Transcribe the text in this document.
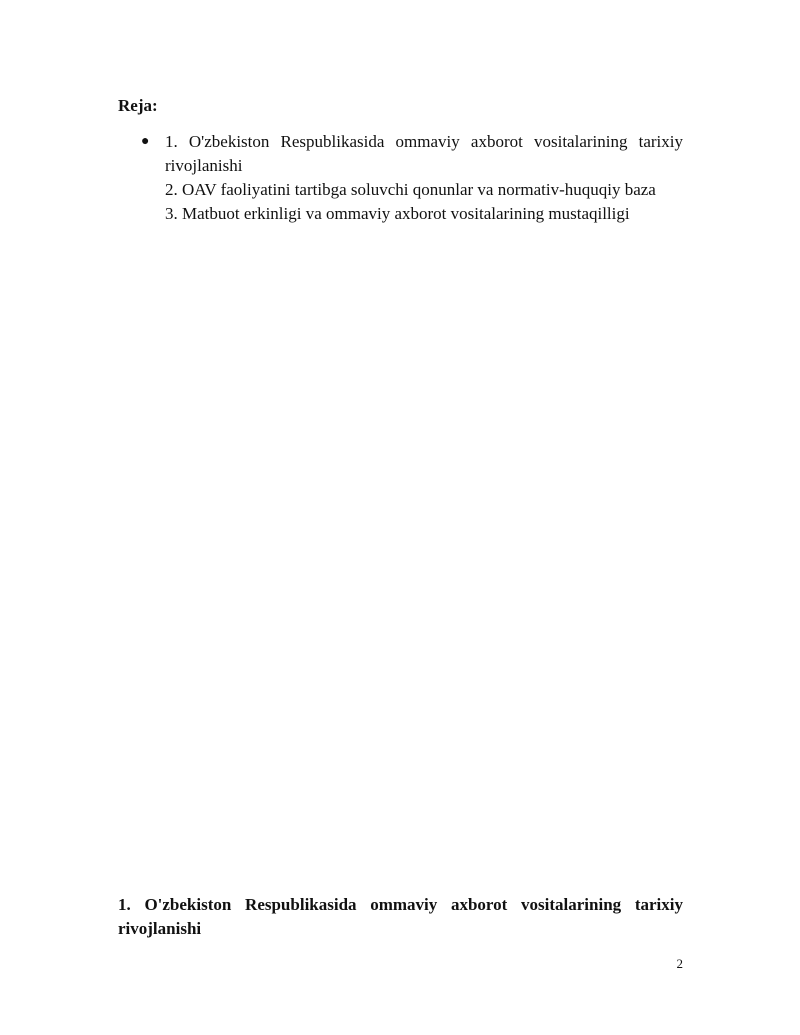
Reja:
● 1. O'zbekiston Respublikasida ommaviy axborot vositalarining tarixiy rivojlanishi
2. OAV faoliyatini tartibga soluvchi qonunlar va normativ-huquqiy baza
3. Matbuot erkinligi va ommaviy axborot vositalarining mustaqilligi
1. O'zbekiston Respublikasida ommaviy axborot vositalarining tarixiy rivojlanishi
2
